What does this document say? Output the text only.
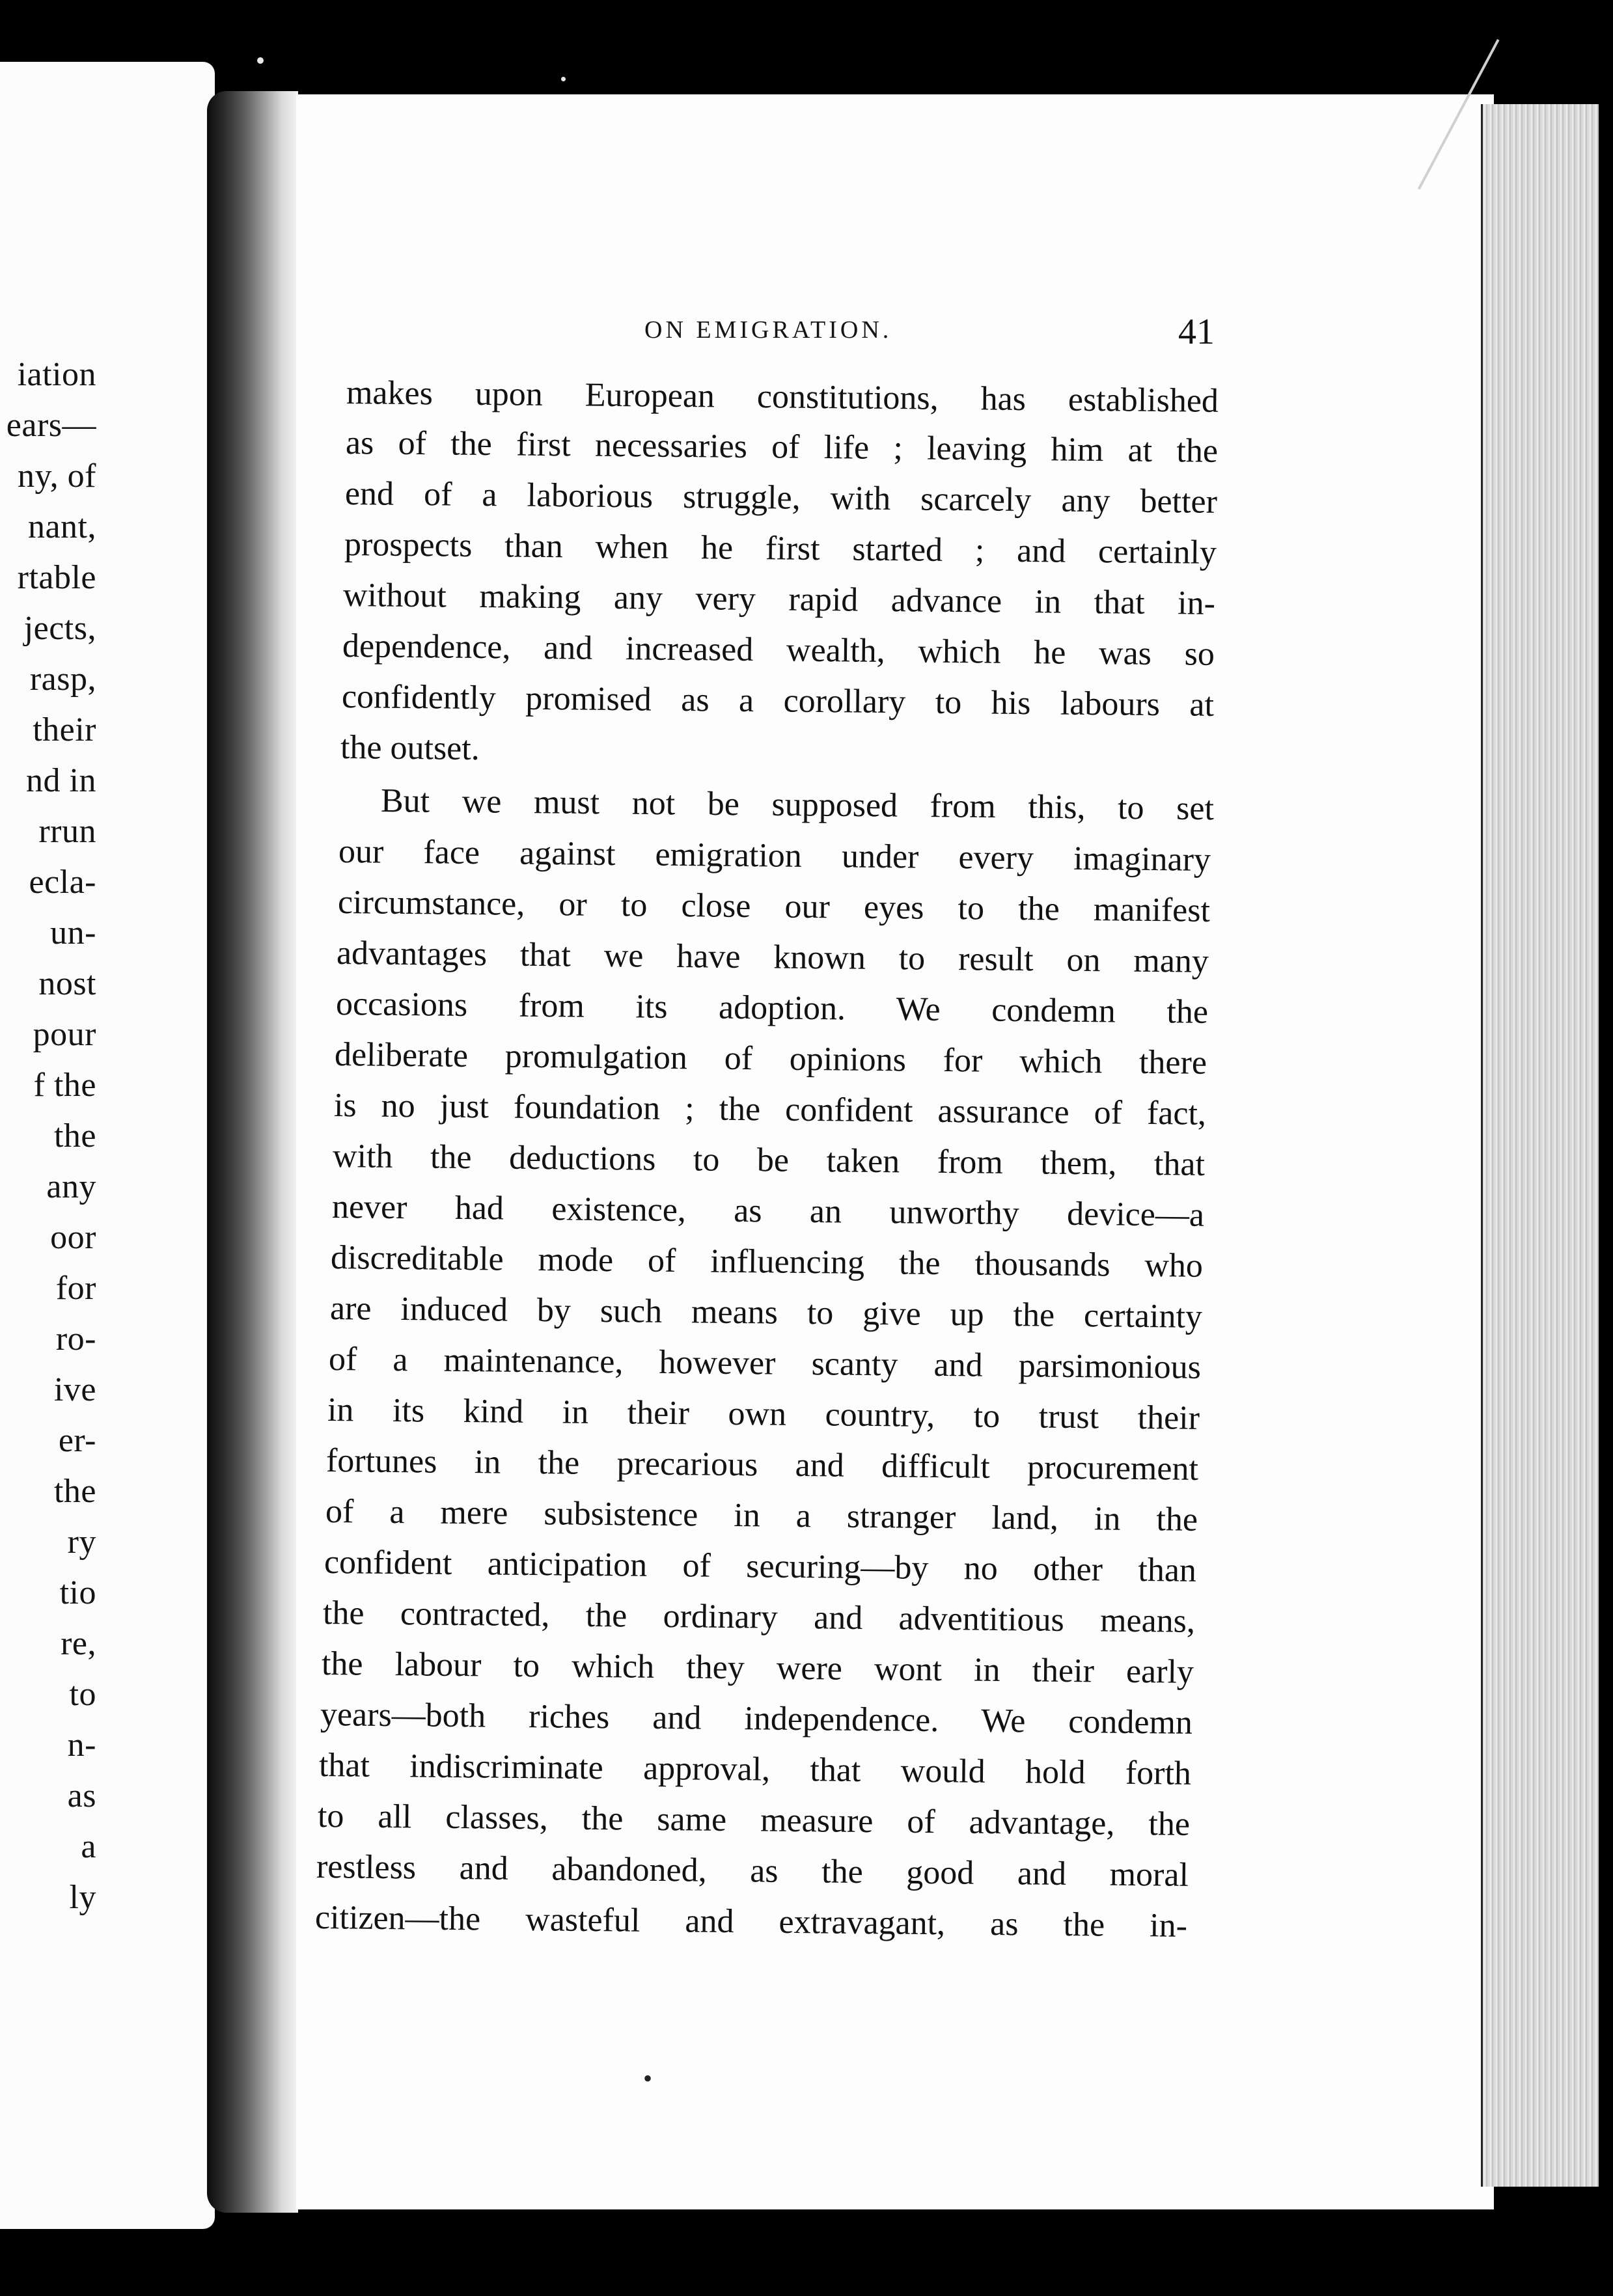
iation
ears—
ny, of
nant,
rtable
jects,
rasp,
their
nd in
rrun
ecla-
un-
nost
pour
f the
the
any
oor
for
ro-
ive
er-
the
ry
tio
re,
to
n-
as
a
ly
ON EMIGRATION.	41
makes upon European constitutions, has established
as of the first necessaries of life ; leaving him at the
end of a laborious struggle, with scarcely any better
prospects than when he first started ; and certainly
without making any very rapid advance in that in-
dependence, and increased wealth, which he was so
confidently promised as a corollary to his labours at
the outset.
But we must not be supposed from this, to set
our face against emigration under every imaginary
circumstance, or to close our eyes to the manifest
advantages that we have known to result on many
occasions from its adoption. We condemn the
deliberate promulgation of opinions for which there
is no just foundation ; the confident assurance of fact,
with the deductions to be taken from them, that
never had existence, as an unworthy device—a
discreditable mode of influencing the thousands who
are induced by such means to give up the certainty
of a maintenance, however scanty and parsimonious
in its kind in their own country, to trust their
fortunes in the precarious and difficult procurement
of a mere subsistence in a stranger land, in the
confident anticipation of securing—by no other than
the contracted, the ordinary and adventitious means,
the labour to which they were wont in their early
years—both riches and independence. We condemn
that indiscriminate approval, that would hold forth
to all classes, the same measure of advantage, the
restless and abandoned, as the good and moral
citizen—the wasteful and extravagant, as the in-
•
